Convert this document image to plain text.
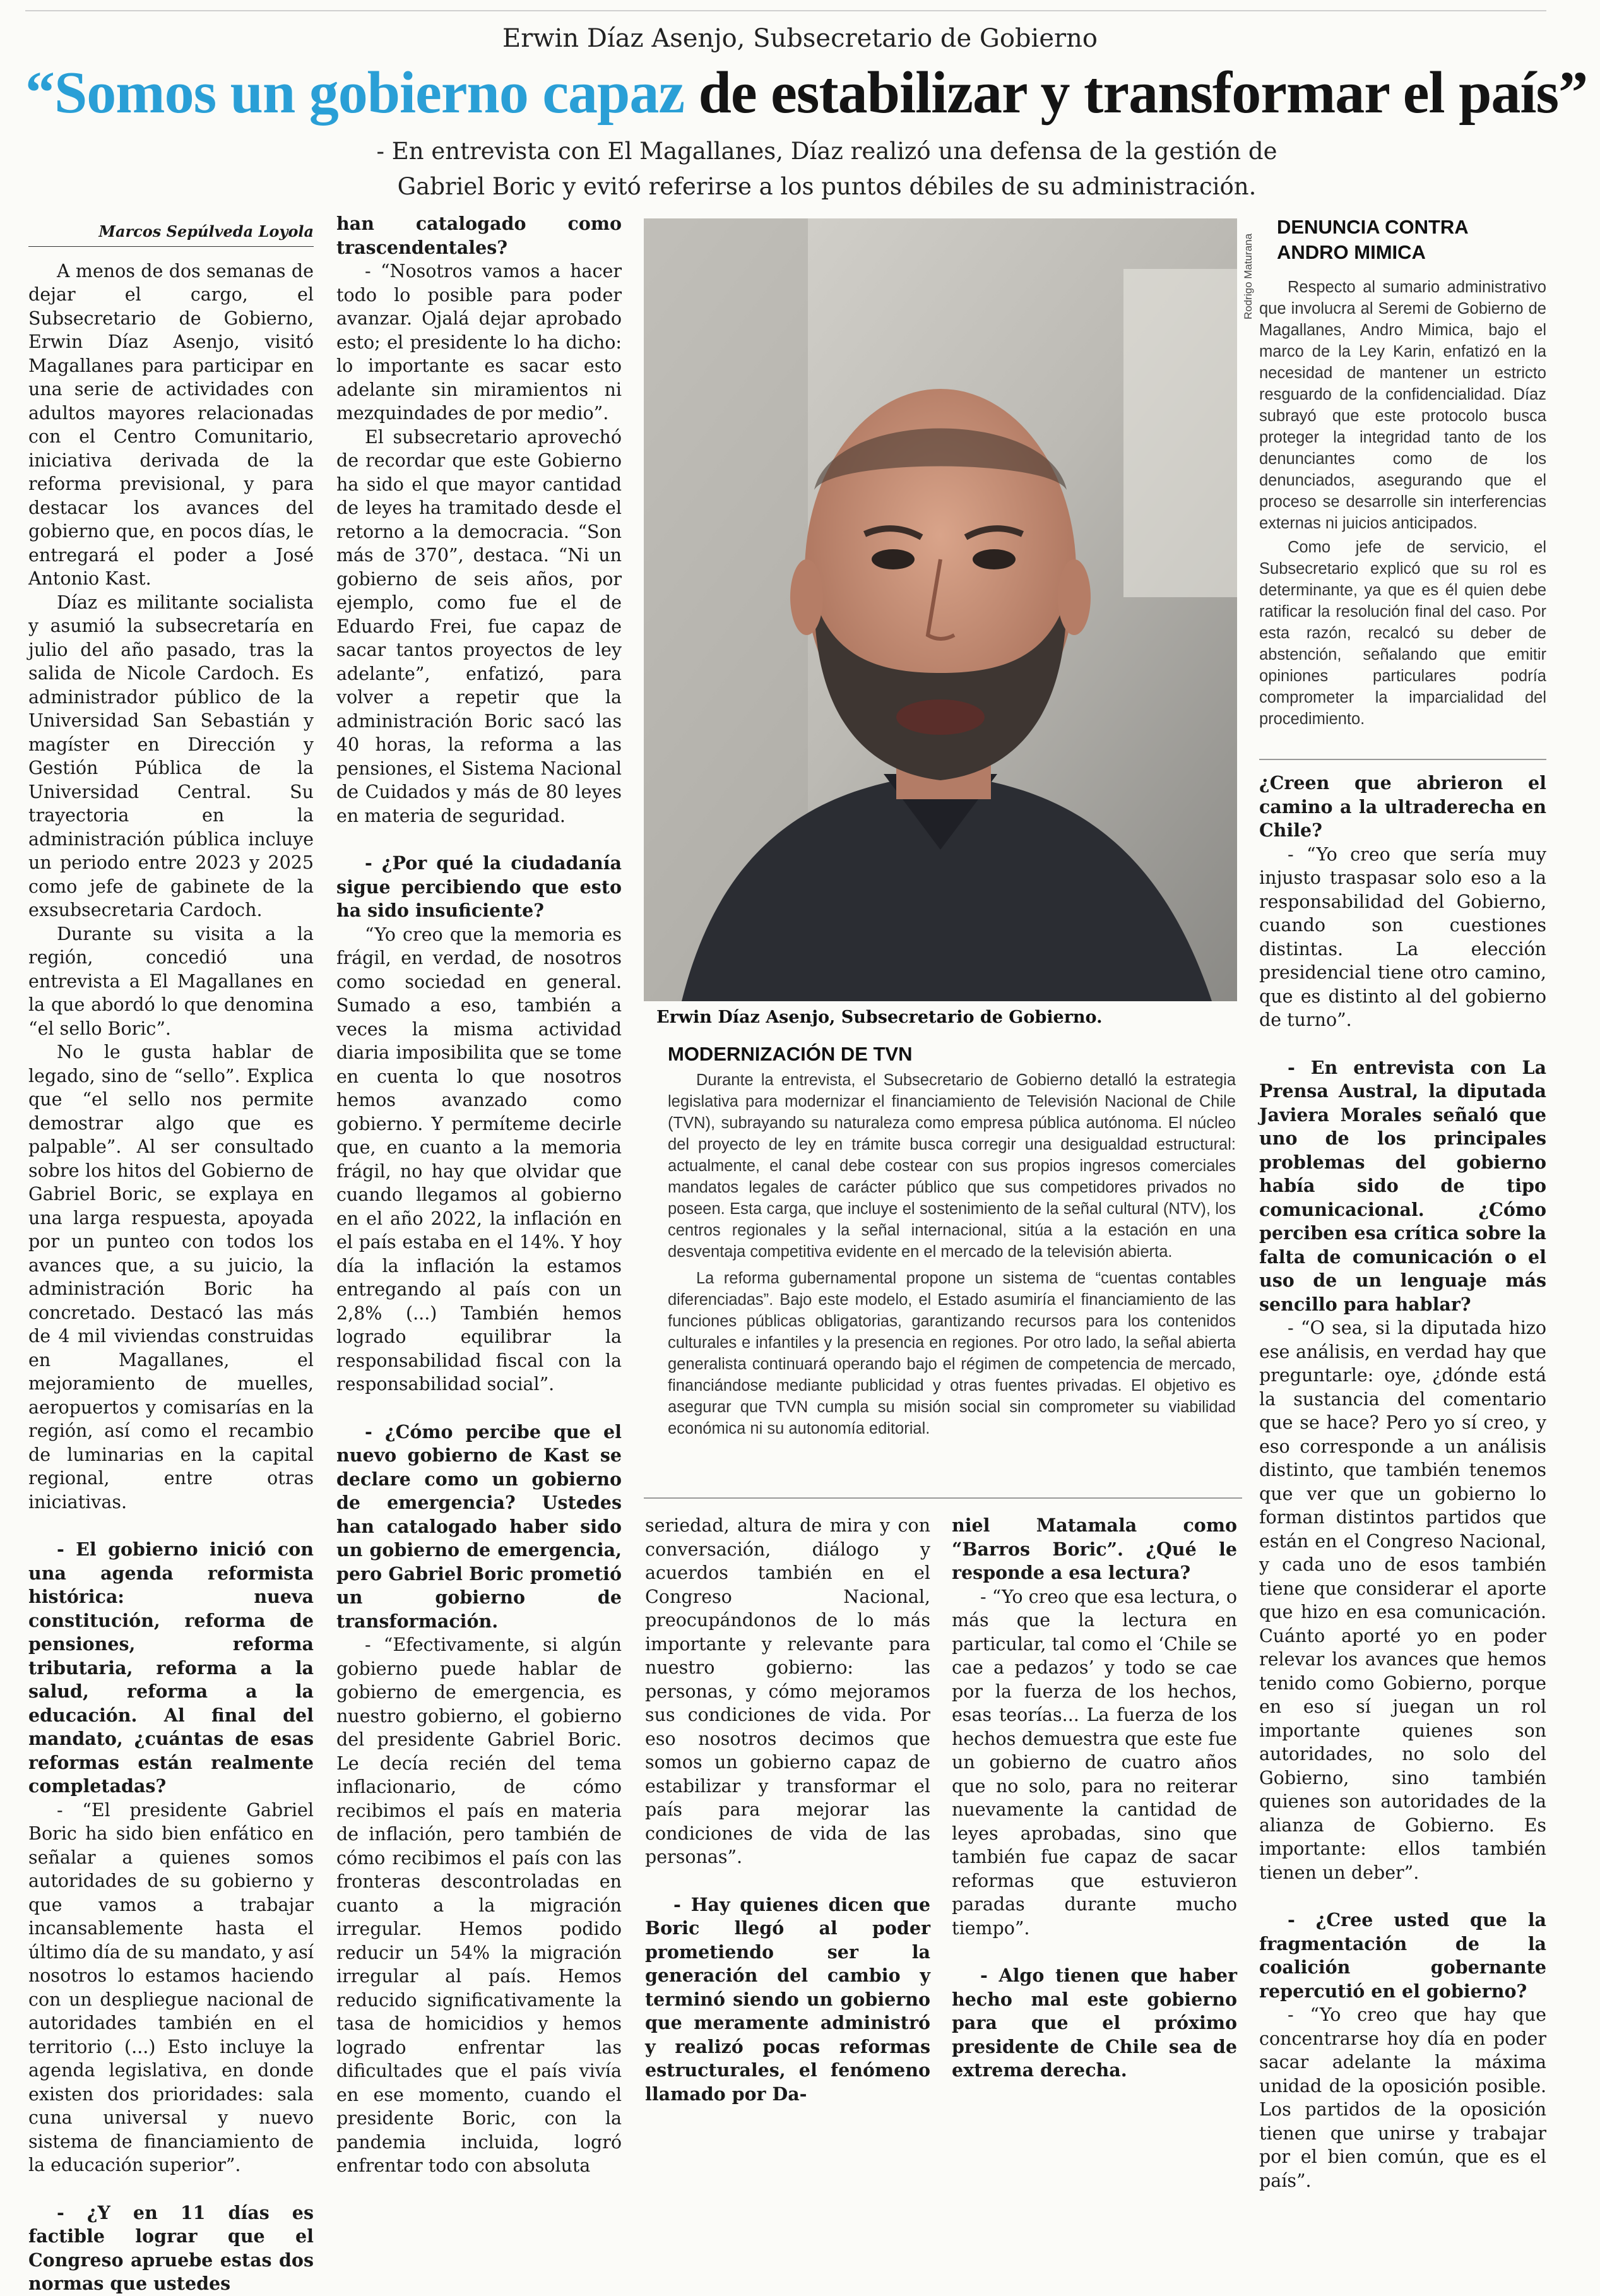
Erwin Díaz Asenjo, Subsecretario de Gobierno
“Somos un gobierno capaz de estabilizar y transformar el país”
- En entrevista con El Magallanes, Díaz realizó una defensa de la gestión de
Gabriel Boric y evitó referirse a los puntos débiles de su administración.
Marcos Sepúlveda Loyola

A menos de dos semanas de dejar el cargo, el Subsecretario de Gobierno, Erwin Díaz Asenjo, visitó Magallanes para participar en una serie de actividades con adultos mayores relacionadas con el Centro Comunitario, iniciativa derivada de la reforma previsional, y para destacar los avances del gobierno que, en pocos días, le entregará el poder a José Antonio Kast.

Díaz es militante socialista y asumió la subsecretaría en julio del año pasado, tras la salida de Nicole Cardoch. Es administrador público de la Universidad San Sebastián y magíster en Dirección y Gestión Pública de la Universidad Central. Su trayectoria en la administración pública incluye un periodo entre 2023 y 2025 como jefe de gabinete de la exsubsecretaria Cardoch.

Durante su visita a la región, concedió una entrevista a El Magallanes en la que abordó lo que denomina “el sello Boric”.

No le gusta hablar de legado, sino de “sello”. Explica que “el sello nos permite demostrar algo que es palpable”. Al ser consultado sobre los hitos del Gobierno de Gabriel Boric, se explaya en una larga respuesta, apoyada por un punteo con todos los avances que, a su juicio, la administración Boric ha concretado. Destacó las más de 4 mil viviendas construidas en Magallanes, el mejoramiento de muelles, aeropuertos y comisarías en la región, así como el recambio de luminarias en la capital regional, entre otras iniciativas.

- El gobierno inició con una agenda reformista histórica: nueva constitución, reforma de pensiones, reforma tributaria, reforma a la salud, reforma a la educación. Al final del mandato, ¿cuántas de esas reformas están realmente completadas?

- “El presidente Gabriel Boric ha sido bien enfático en señalar a quienes somos autoridades de su gobierno y que vamos a trabajar incansablemente hasta el último día de su mandato, y así nosotros lo estamos haciendo con un despliegue nacional de autoridades también en el territorio (...) Esto incluye la agenda legislativa, en donde existen dos prioridades: sala cuna universal y nuevo sistema de financiamiento de la educación superior”.

- ¿Y en 11 días es factible lograr que el Congreso apruebe estas dos normas que ustedes

han catalogado como trascendentales?

- “Nosotros vamos a hacer todo lo posible para poder avanzar. Ojalá dejar aprobado esto; el presidente lo ha dicho: lo importante es sacar esto adelante sin miramientos ni mezquindades de por medio”.

El subsecretario aprovechó de recordar que este Gobierno ha sido el que mayor cantidad de leyes ha tramitado desde el retorno a la democracia. “Son más de 370”, destaca. “Ni un gobierno de seis años, por ejemplo, como fue el de Eduardo Frei, fue capaz de sacar tantos proyectos de ley adelante”, enfatizó, para volver a repetir que la administración Boric sacó las 40 horas, la reforma a las pensiones, el Sistema Nacional de Cuidados y más de 80 leyes en materia de seguridad.

- ¿Por qué la ciudadanía sigue percibiendo que esto ha sido insuficiente?

“Yo creo que la memoria es frágil, en verdad, de nosotros como sociedad en general. Sumado a eso, también a veces la misma actividad diaria imposibilita que se tome en cuenta lo que nosotros hemos avanzado como gobierno. Y permíteme decirle que, en cuanto a la memoria frágil, no hay que olvidar que cuando llegamos al gobierno en el año 2022, la inflación en el país estaba en el 14%. Y hoy día la inflación la estamos entregando al país con un 2,8% (...) También hemos logrado equilibrar la responsabilidad fiscal con la responsabilidad social”.

- ¿Cómo percibe que el nuevo gobierno de Kast se declare como un gobierno de emergencia? Ustedes han catalogado haber sido un gobierno de emergencia, pero Gabriel Boric prometió un gobierno de transformación.

- “Efectivamente, si algún gobierno puede hablar de gobierno de emergencia, es nuestro gobierno, el gobierno del presidente Gabriel Boric. Le decía recién del tema inflacionario, de cómo recibimos el país en materia de inflación, pero también de cómo recibimos el país con las fronteras descontroladas en cuanto a la migración irregular. Hemos podido reducir un 54% la migración irregular al país. Hemos reducido significativamente la tasa de homicidios y hemos logrado enfrentar las dificultades que el país vivía en ese momento, cuando el presidente Boric, con la pandemia incluida, logró enfrentar todo con absoluta

Rodrigo Maturana
Erwin Díaz Asenjo, Subsecretario de Gobierno.
MODERNIZACIÓN DE TVN

Durante la entrevista, el Subsecretario de Gobierno detalló la estrategia legislativa para modernizar el financiamiento de Televisión Nacional de Chile (TVN), subrayando su naturaleza como empresa pública autónoma. El núcleo del proyecto de ley en trámite busca corregir una desigualdad estructural: actualmente, el canal debe costear con sus propios ingresos comerciales mandatos legales de carácter público que sus competidores privados no poseen. Esta carga, que incluye el sostenimiento de la señal cultural (NTV), los centros regionales y la señal internacional, sitúa a la estación en una desventaja competitiva evidente en el mercado de la televisión abierta.

La reforma gubernamental propone un sistema de “cuentas contables diferenciadas”. Bajo este modelo, el Estado asumiría el financiamiento de las funciones públicas obligatorias, garantizando recursos para los contenidos culturales e infantiles y la presencia en regiones. Por otro lado, la señal abierta generalista continuará operando bajo el régimen de competencia de mercado, financiándose mediante publicidad y otras fuentes privadas. El objetivo es asegurar que TVN cumpla su misión social sin comprometer su viabilidad económica ni su autonomía editorial.

seriedad, altura de mira y con conversación, diálogo y acuerdos también en el Congreso Nacional, preocupándonos de lo más importante y relevante para nuestro gobierno: las personas, y cómo mejoramos sus condiciones de vida. Por eso nosotros decimos que somos un gobierno capaz de estabilizar y transformar el país para mejorar las condiciones de vida de las personas”.

- Hay quienes dicen que Boric llegó al poder prometiendo ser la generación del cambio y terminó siendo un gobierno que meramente administró y realizó pocas reformas estructurales, el fenómeno llamado por Da-

niel Matamala como “Barros Boric”. ¿Qué le responde a esa lectura?

- “Yo creo que esa lectura, o más que la lectura en particular, tal como el ‘Chile se cae a pedazos’ y todo se cae por la fuerza de los hechos, esas teorías... La fuerza de los hechos demuestra que este fue un gobierno de cuatro años que no solo, para no reiterar nuevamente la cantidad de leyes aprobadas, sino que también fue capaz de sacar reformas que estuvieron paradas durante mucho tiempo”.

- Algo tienen que haber hecho mal este gobierno para que el próximo presidente de Chile sea de extrema derecha.

DENUNCIA CONTRA
ANDRO MIMICA

Respecto al sumario administrativo que involucra al Seremi de Gobierno de Magallanes, Andro Mimica, bajo el marco de la Ley Karin, enfatizó en la necesidad de mantener un estricto resguardo de la confidencialidad. Díaz subrayó que este protocolo busca proteger la integridad tanto de los denunciantes como de los denunciados, asegurando que el proceso se desarrolle sin interferencias externas ni juicios anticipados.

Como jefe de servicio, el Subsecretario explicó que su rol es determinante, ya que es él quien debe ratificar la resolución final del caso. Por esta razón, recalcó su deber de abstención, señalando que emitir opiniones particulares podría comprometer la imparcialidad del procedimiento.

¿Creen que abrieron el camino a la ultraderecha en Chile?

- “Yo creo que sería muy injusto traspasar solo eso a la responsabilidad del Gobierno, cuando son cuestiones distintas. La elección presidencial tiene otro camino, que es distinto al del gobierno de turno”.

- En entrevista con La Prensa Austral, la diputada Javiera Morales señaló que uno de los principales problemas del gobierno había sido de tipo comunicacional. ¿Cómo perciben esa crítica sobre la falta de comunicación o el uso de un lenguaje más sencillo para hablar?

- “O sea, si la diputada hizo ese análisis, en verdad hay que preguntarle: oye, ¿dónde está la sustancia del comentario que se hace? Pero yo sí creo, y eso corresponde a un análisis distinto, que también tenemos que ver que un gobierno lo forman distintos partidos que están en el Congreso Nacional, y cada uno de esos también tiene que considerar el aporte que hizo en esa comunicación. Cuánto aporté yo en poder relevar los avances que hemos tenido como Gobierno, porque en eso sí juegan un rol importante quienes son autoridades, no solo del Gobierno, sino también quienes son autoridades de la alianza de Gobierno. Es importante: ellos también tienen un deber”.

- ¿Cree usted que la fragmentación de la coalición gobernante repercutió en el gobierno?

- “Yo creo que hay que concentrarse hoy día en poder sacar adelante la máxima unidad de la oposición posible. Los partidos de la oposición tienen que unirse y trabajar por el bien común, que es el país”.
